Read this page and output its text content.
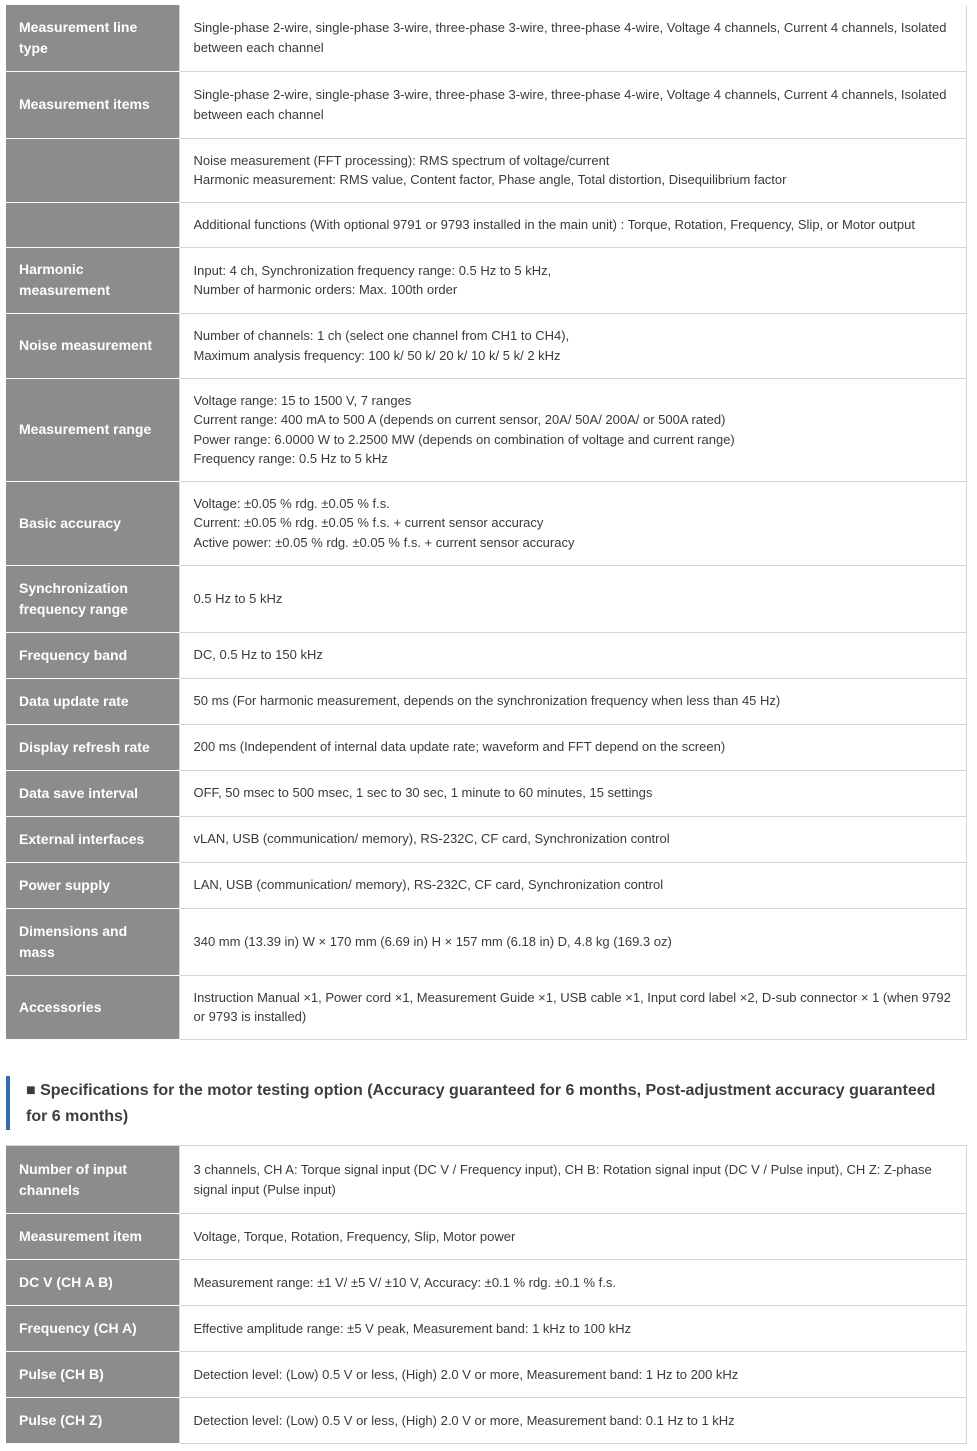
Measurement line type	Single-phase 2-wire, single-phase 3-wire, three-phase 3-wire, three-phase 4-wire, Voltage 4 channels, Current 4 channels, Isolated between each channel

Measurement items	Single-phase 2-wire, single-phase 3-wire, three-phase 3-wire, three-phase 4-wire, Voltage 4 channels, Current 4 channels, Isolated between each channel

	Noise measurement (FFT processing): RMS spectrum of voltage/current
Harmonic measurement: RMS value, Content factor, Phase angle, Total distortion, Disequilibrium factor

	Additional functions (With optional 9791 or 9793 installed in the main unit) : Torque, Rotation, Frequency, Slip, or Motor output

Harmonic measurement	Input: 4 ch, Synchronization frequency range: 0.5 Hz to 5 kHz,
Number of harmonic orders: Max. 100th order

Noise measurement	Number of channels: 1 ch (select one channel from CH1 to CH4),
Maximum analysis frequency: 100 k/ 50 k/ 20 k/ 10 k/ 5 k/ 2 kHz

Measurement range	Voltage range: 15 to 1500 V, 7 ranges
Current range: 400 mA to 500 A (depends on current sensor, 20A/ 50A/ 200A/ or 500A rated)
Power range: 6.0000 W to 2.2500 MW (depends on combination of voltage and current range)
Frequency range: 0.5 Hz to 5 kHz

Basic accuracy	Voltage: ±0.05 % rdg. ±0.05 % f.s.
Current: ±0.05 % rdg. ±0.05 % f.s. + current sensor accuracy
Active power: ±0.05 % rdg. ±0.05 % f.s. + current sensor accuracy

Synchronization frequency range	0.5 Hz to 5 kHz

Frequency band	DC, 0.5 Hz to 150 kHz

Data update rate	50 ms (For harmonic measurement, depends on the synchronization frequency when less than 45 Hz)

Display refresh rate	200 ms (Independent of internal data update rate; waveform and FFT depend on the screen)

Data save interval	OFF, 50 msec to 500 msec, 1 sec to 30 sec, 1 minute to 60 minutes, 15 settings

External interfaces	vLAN, USB (communication/ memory), RS-232C, CF card, Synchronization control

Power supply	LAN, USB (communication/ memory), RS-232C, CF card, Synchronization control

Dimensions and mass	340 mm (13.39 in) W × 170 mm (6.69 in) H × 157 mm (6.18 in) D, 4.8 kg (169.3 oz)

Accessories	Instruction Manual ×1, Power cord ×1, Measurement Guide ×1, USB cable ×1, Input cord label ×2, D-sub connector × 1 (when 9792 or 9793 is installed)
■ Specifications for the motor testing option (Accuracy guaranteed for 6 months, Post-adjustment accuracy guaranteed for 6 months)
Number of input channels	3 channels, CH A: Torque signal input (DC V / Frequency input), CH B: Rotation signal input (DC V / Pulse input), CH Z: Z-phase signal input (Pulse input)

Measurement item	Voltage, Torque, Rotation, Frequency, Slip, Motor power

DC V (CH A B)	Measurement range: ±1 V/ ±5 V/ ±10 V, Accuracy: ±0.1 % rdg. ±0.1 % f.s.

Frequency (CH A)	Effective amplitude range: ±5 V peak, Measurement band: 1 kHz to 100 kHz

Pulse (CH B)	Detection level: (Low) 0.5 V or less, (High) 2.0 V or more, Measurement band: 1 Hz to 200 kHz

Pulse (CH Z)	Detection level: (Low) 0.5 V or less, (High) 2.0 V or more, Measurement band: 0.1 Hz to 1 kHz
